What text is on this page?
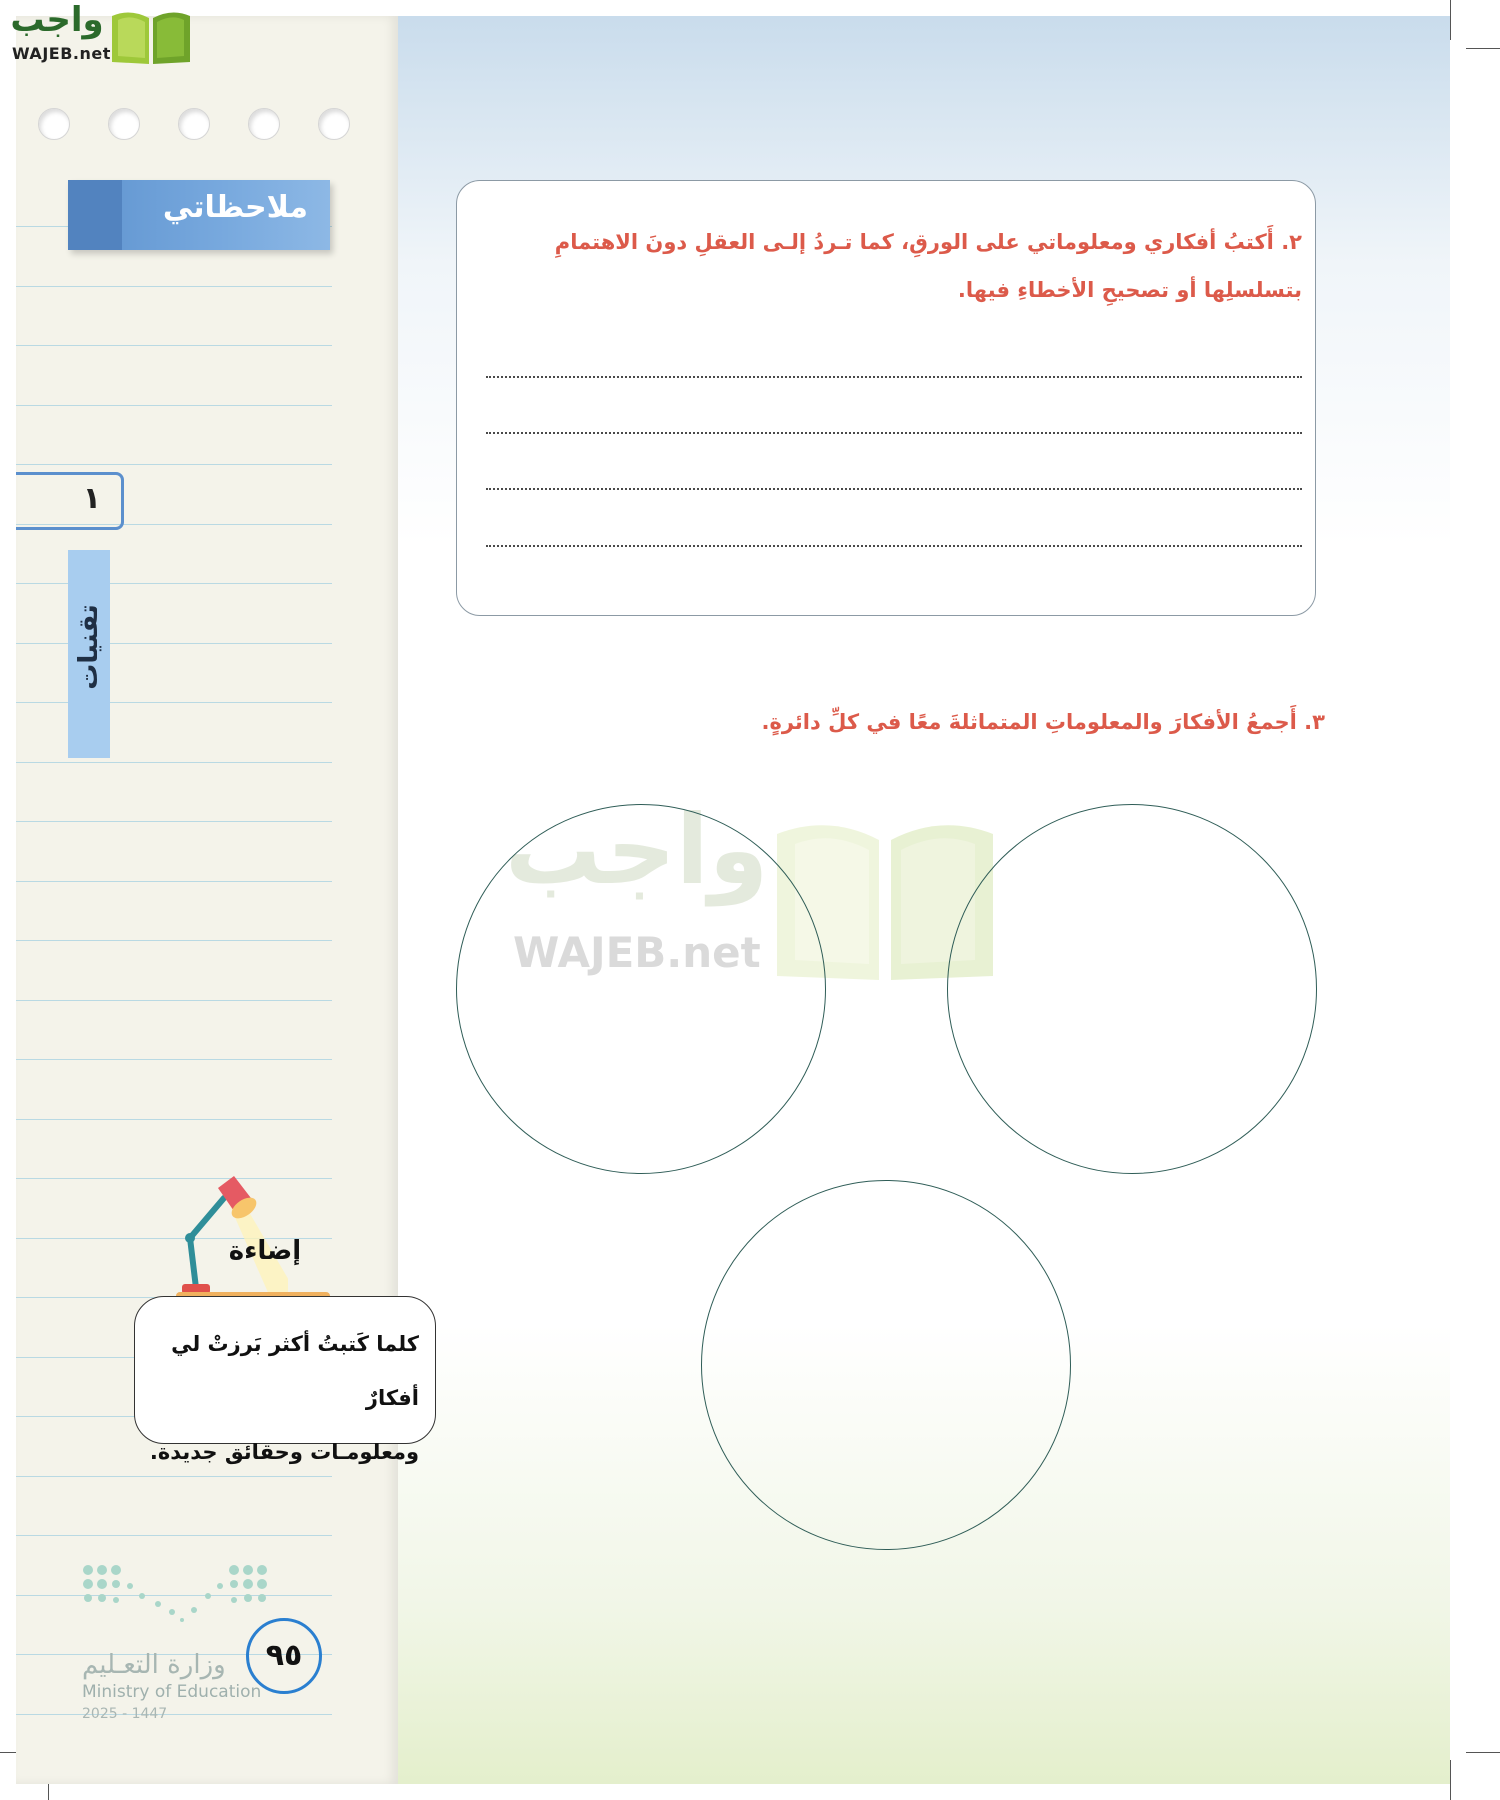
واجب
WAJEB.net
ملاحظاتي
١
تقنيات
إضاءة
كلما كَتبتُ أكثر بَرزتْ لي أفكارٌ
ومعلومـات وحقائق جديدة.
وزارة التعـليم
Ministry of Education
2025 - 1447
٩٥
٢. أَكتبُ أفكاري ومعلوماتي على الورقِ، كما تـردُ إلـى العقلِ دونَ الاهتمامِ
بتسلسلِها أو تصحيحِ الأخطاءِ فيها.
٣. أَجمعُ الأفكارَ والمعلوماتِ المتماثلةَ معًا في كلِّ دائرةٍ.
واجب
WAJEB.net
